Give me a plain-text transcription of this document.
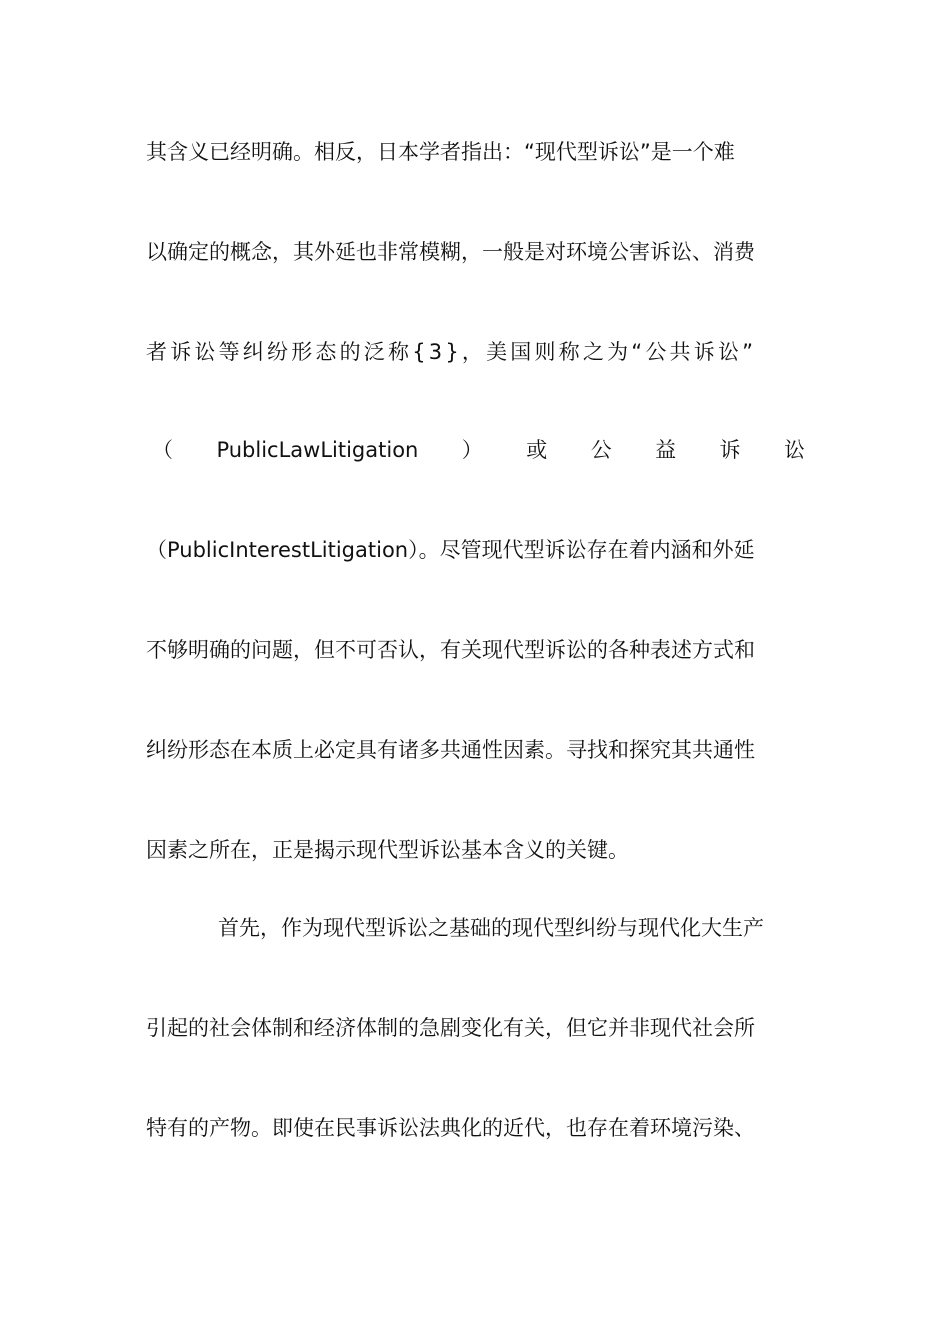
其含义已经明确。相反，日本学者指出：“现代型诉讼”是一个难
以确定的概念，其外延也非常模糊，一般是对环境公害诉讼、消费
者诉讼等纠纷形态的泛称{3}，美国则称之为“公共诉讼”
（ PublicLawLitigation ） 或 公 益 诉 讼
（PublicInterestLitigation）。尽管现代型诉讼存在着内涵和外延
不够明确的问题，但不可否认，有关现代型诉讼的各种表述方式和
纠纷形态在本质上必定具有诸多共通性因素。寻找和探究其共通性
因素之所在，正是揭示现代型诉讼基本含义的关键。
首先，作为现代型诉讼之基础的现代型纠纷与现代化大生产
引起的社会体制和经济体制的急剧变化有关，但它并非现代社会所
特有的产物。即使在民事诉讼法典化的近代，也存在着环境污染、
